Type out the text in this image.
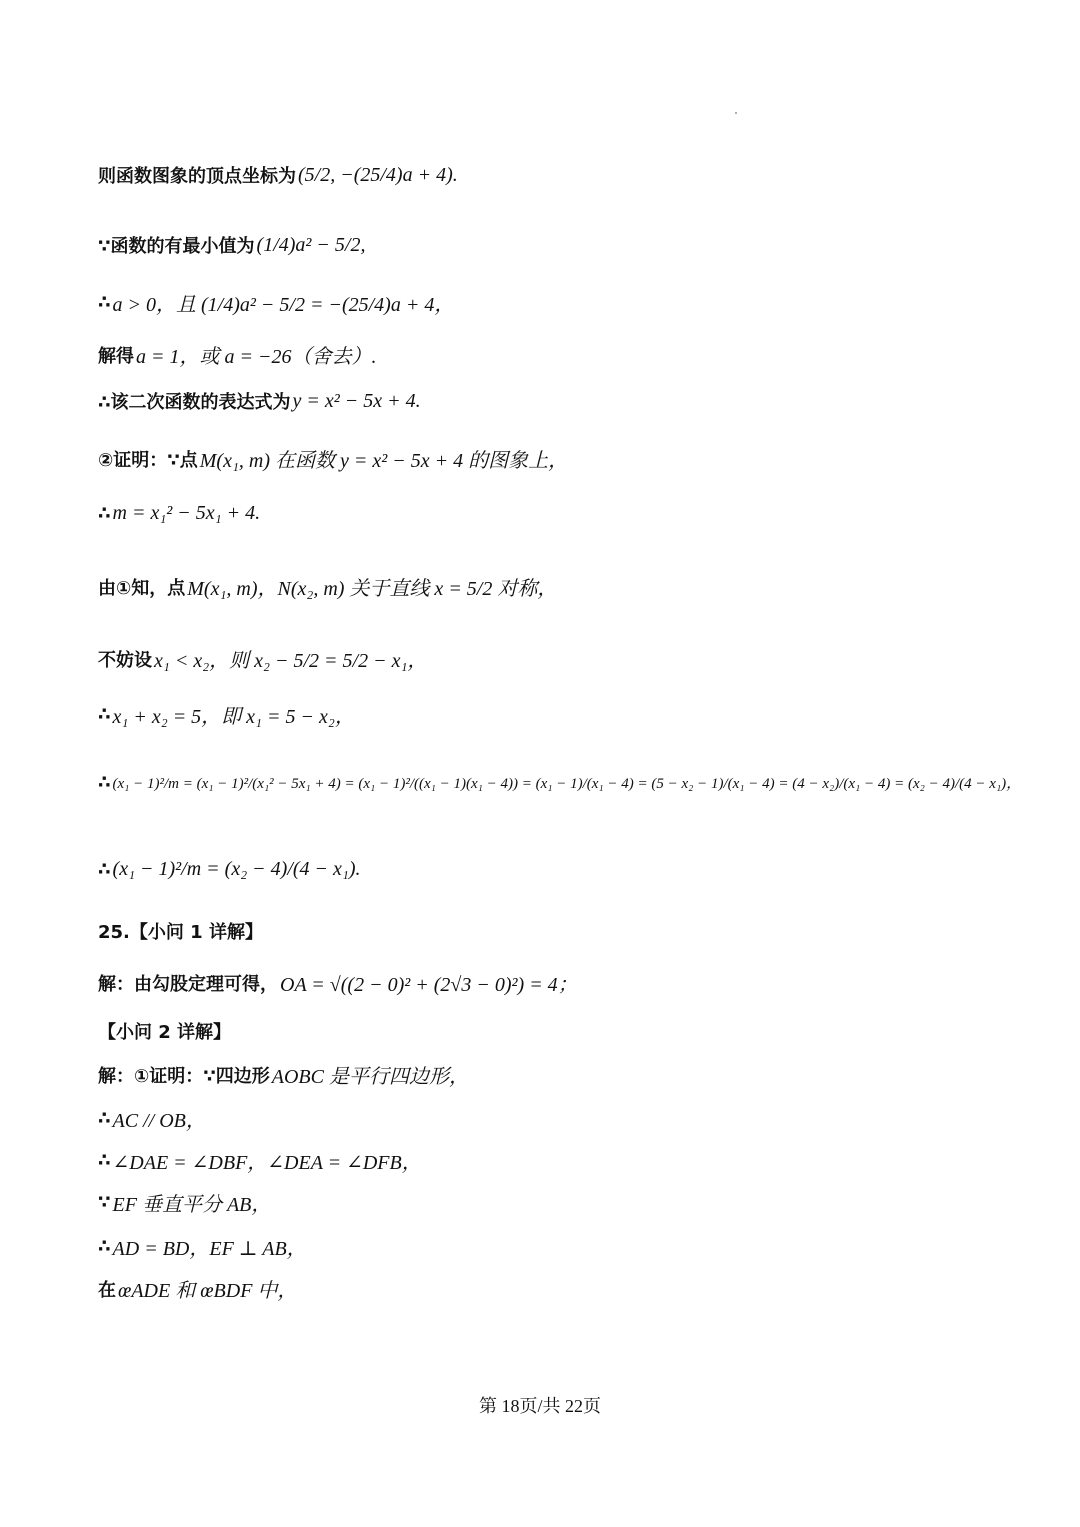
则函数图象的顶点坐标为 (5/2, −(25/4)a + 4).
∵函数的有最小值为 (1/4)a² − 5/2,
∴ a > 0，且 (1/4)a² − 5/2 = −(25/4)a + 4，
解得 a = 1，或 a = −26（舍去）.
∴该二次函数的表达式为 y = x² − 5x + 4.
②证明：∵点 M(x₁, m) 在函数 y = x² − 5x + 4 的图象上，
∴ m = x₁² − 5x₁ + 4.
由①知，点 M(x₁, m)，N(x₂, m) 关于直线 x = 5/2 对称，
不妨设 x₁ < x₂，则 x₂ − 5/2 = 5/2 − x₁，
∴ x₁ + x₂ = 5，即 x₁ = 5 − x₂，
∴ (x₁ − 1)²/m = (x₁ − 1)²/(x₁² − 5x₁ + 4) = (x₁ − 1)²/((x₁ − 1)(x₁ − 4)) = (x₁ − 1)/(x₁ − 4) = (5 − x₂ − 1)/(x₁ − 4) = (4 − x₂)/(x₁ − 4) = (x₂ − 4)/(4 − x₁)，
∴ (x₁ − 1)²/m = (x₂ − 4)/(4 − x₁).
25.【小问 1 详解】
解：由勾股定理可得， OA = √((2 − 0)² + (2√3 − 0)²) = 4；
【小问 2 详解】
解：①证明：∵四边形 AOBC 是平行四边形，
∴ AC // OB，
∴ ∠DAE = ∠DBF，∠DEA = ∠DFB，
∵ EF 垂直平分 AB，
∴ AD = BD，EF ⊥ AB，
在 œADE 和 œBDF 中，
第 18页/共 22页
